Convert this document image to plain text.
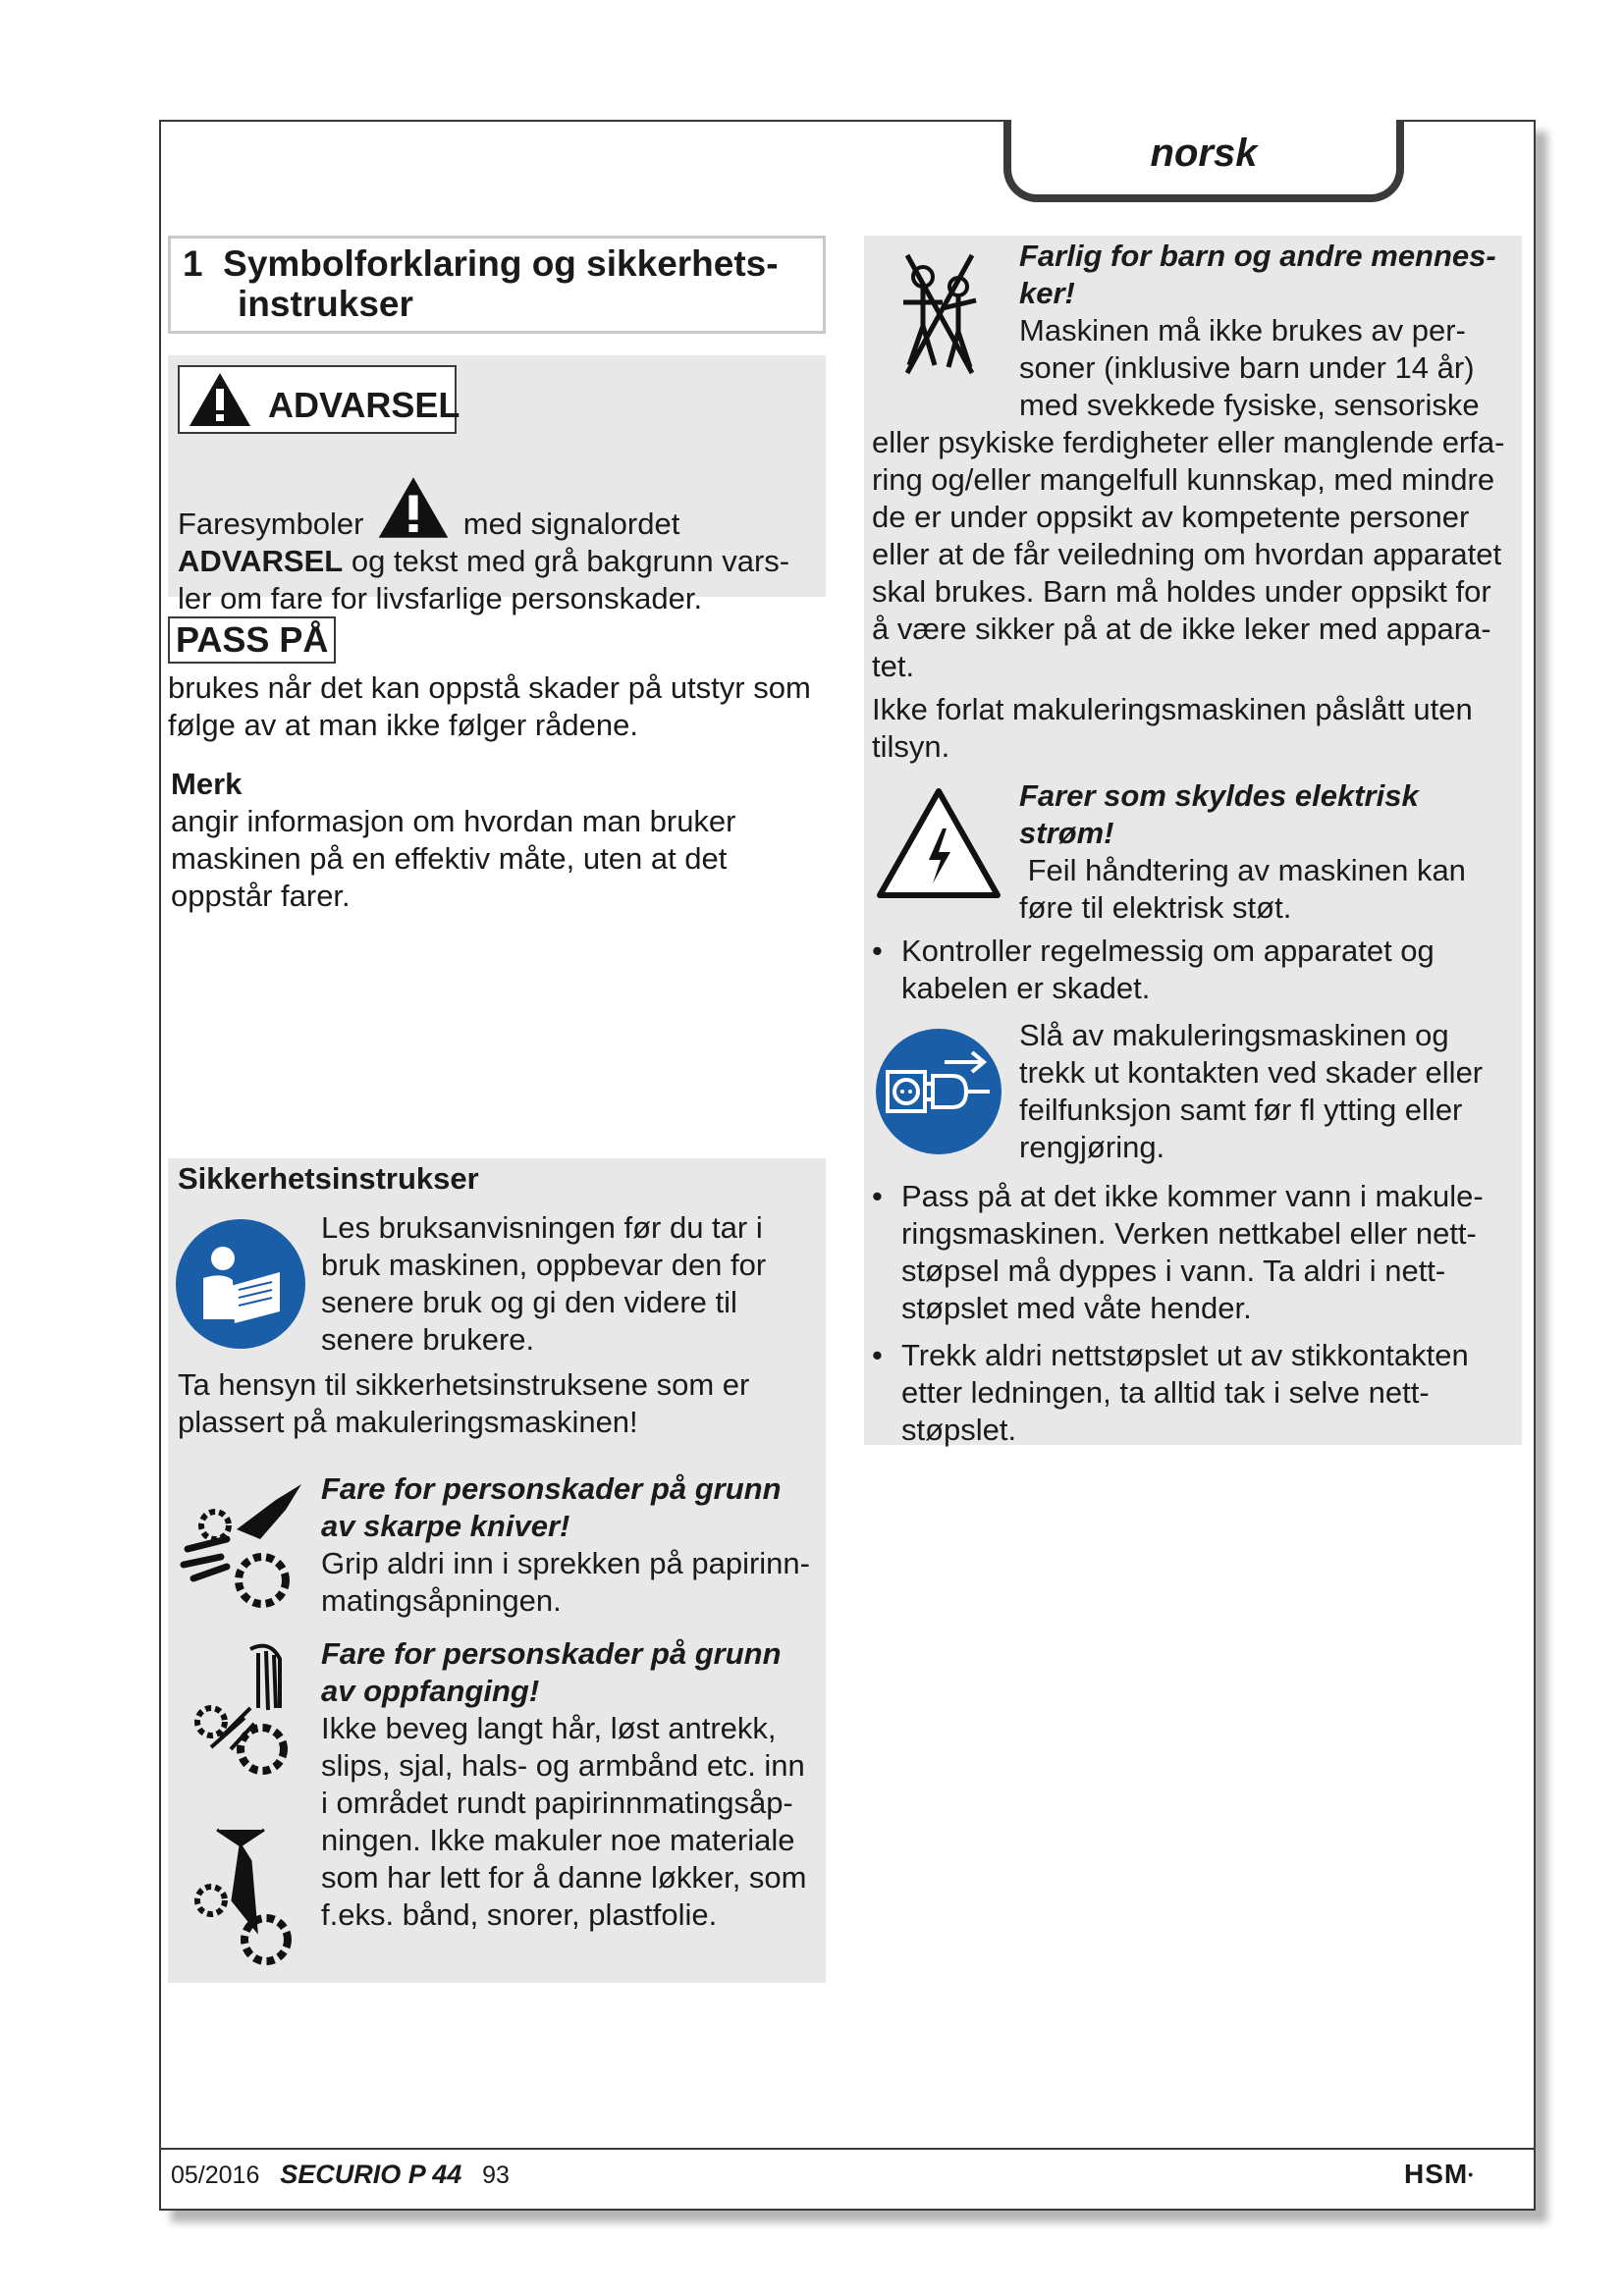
norsk
1 Symbolforklaring og sikkerhets-
instrukser
ADVARSEL
Faresymboler	med signalordet
ADVARSEL og tekst med grå bakgrunn vars-
ler om fare for livsfarlige personskader.
PASS PÅ
brukes når det kan oppstå skader på utstyr som
følge av at man ikke følger rådene.
Merk
angir informasjon om hvordan man bruker
maskinen på en effektiv måte, uten at det
oppstår farer.
Sikkerhetsinstrukser
Les bruksanvisningen før du tar i
bruk maskinen, oppbevar den for
senere bruk og gi den videre til
senere brukere.
Ta hensyn til sikkerhetsinstruksene som er
plassert på makuleringsmaskinen!
Fare for personskader på grunn
av skarpe kniver!
Grip aldri inn i sprekken på papirinn-
matingsåpningen.
Fare for personskader på grunn
av oppfanging!
Ikke beveg langt hår, løst antrekk,
slips, sjal, hals- og armbånd etc. inn
i området rundt papirinnmatingsåp-
ningen. Ikke makuler noe materiale
som har lett for å danne løkker, som
f.eks. bånd, snorer, plastfolie.
Farlig for barn og andre mennes-
ker!
Maskinen må ikke brukes av per-
soner (inklusive barn under 14 år)
med svekkede fysiske, sensoriske
eller psykiske ferdigheter eller manglende erfa-
ring og/eller mangelfull kunnskap, med mindre
de er under oppsikt av kompetente personer
eller at de får veiledning om hvordan apparatet
skal brukes. Barn må holdes under oppsikt for
å være sikker på at de ikke leker med appara-
tet.
Ikke forlat makuleringsmaskinen påslått uten
tilsyn.
Farer som skyldes elektrisk
strøm!
Feil håndtering av maskinen kan
føre til elektrisk støt.
• Kontroller regelmessig om apparatet og
kabelen er skadet.
Slå av makuleringsmaskinen og
trekk ut kontakten ved skader eller
feilfunksjon samt før fl ytting eller
rengjøring.
• Pass på at det ikke kommer vann i makule-
ringsmaskinen. Verken nettkabel eller nett-
støpsel må dyppes i vann. Ta aldri i nett-
støpslet med våte hender.
• Trekk aldri nettstøpslet ut av stikkontakten
etter ledningen, ta alltid tak i selve nett-
støpslet.
05/2016 SECURIO P 44 93	HSM•
